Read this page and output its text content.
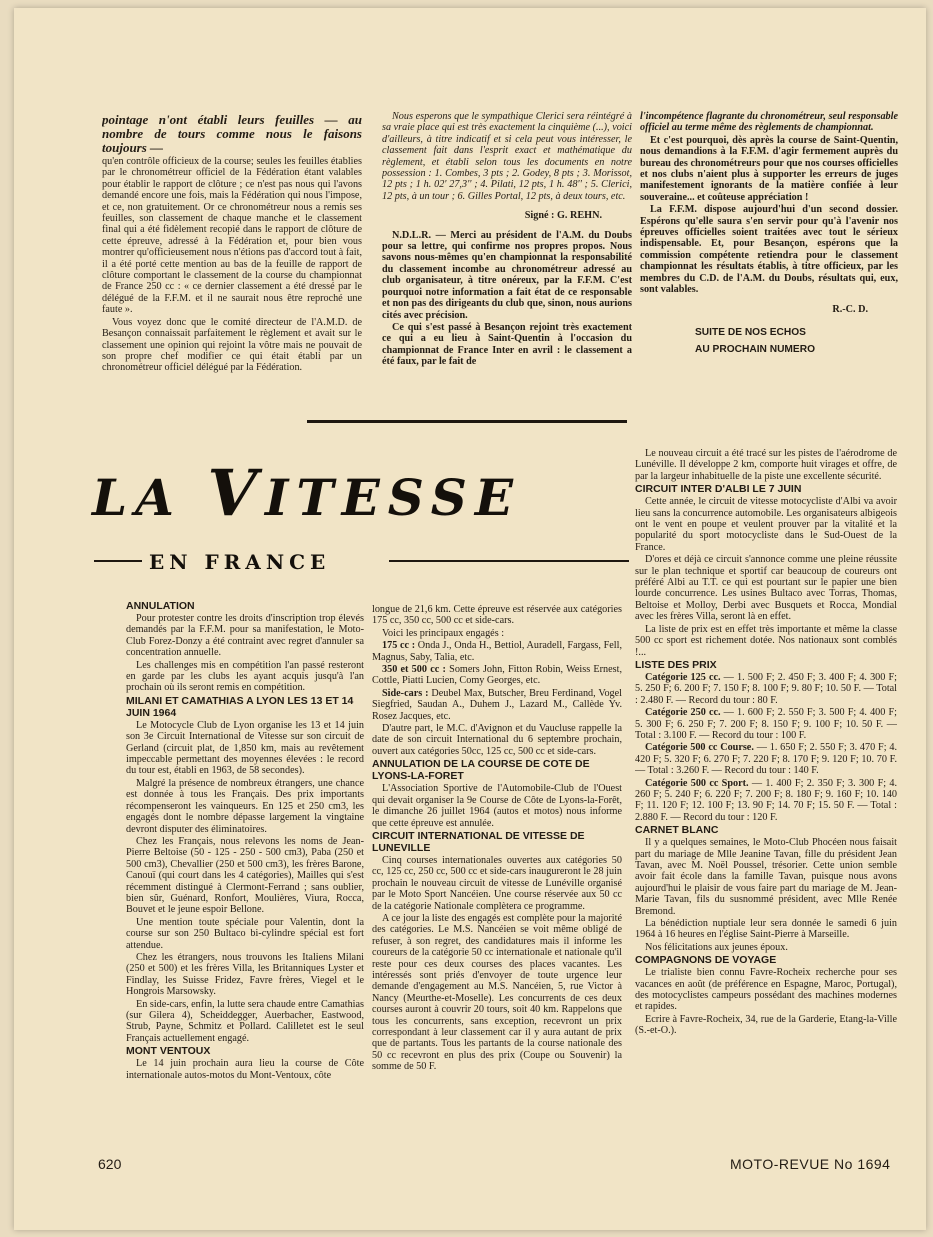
pointage n'ont établi leurs feuilles — au nombre de tours comme nous le faisons toujours —

qu'en contrôle officieux de la course; seules les feuilles établies par le chronométreur officiel de la Fédération étant valables pour établir le rapport de clôture ; ce n'est pas nous qui l'avons demandé encore une fois, mais la Fédération qui nous l'impose, et ce, non gratuitement. Or ce chronométreur nous a remis ses feuilles, son classement de chaque manche et le classement final qui a été fidèlement recopié dans le rapport de clôture de cette épreuve, adressé à la Fédération et, pour bien vous montrer qu'officieusement nous n'étions pas d'accord tout à fait, il a été porté cette mention au bas de la feuille de rapport de clôture comportant le classement de la course du championnat de France 250 cc : « ce dernier classement a été dressé par le délégué de la F.F.M. et il ne saurait nous être reproché une faute ».

Vous voyez donc que le comité directeur de l'A.M.D. de Besançon connaissait parfaitement le règlement et avait sur le classement une opinion qui rejoint la vôtre mais ne pouvait de son propre chef modifier ce qui était établi par un chronométreur officiel délégué par la Fédération.

Nous esperons que le sympathique Clerici sera réintégré à sa vraie place qui est très exactement la cinquième (...), voici d'ailleurs, à titre indicatif et si cela peut vous intéresser, le classement fait dans l'esprit exact et mathématique du règlement, et établi selon tous les documents en notre possession : 1. Combes, 3 pts ; 2. Godey, 8 pts ; 3. Morissot, 12 pts ; 1 h. 02' 27,3'' ; 4. Pilati, 12 pts, 1 h. 48'' ; 5. Clerici, 12 pts, à un tour ; 6. Gilles Portal, 12 pts, à deux tours, etc.

Signé : G. REHN.

N.D.L.R. — Merci au président de l'A.M. du Doubs pour sa lettre, qui confirme nos propres propos. Nous savons nous-mêmes qu'en championnat la responsabilité du classement incombe au chronométreur adressé au club organisateur, à titre onéreux, par la F.F.M. C'est pourquoi notre information a fait état de ce responsable et non pas des dirigeants du club que, sinon, nous aurions cités avec précision.

Ce qui s'est passé à Besançon rejoint très exactement ce qui a eu lieu à Saint-Quentin à l'occasion du championnat de France Inter en avril : le classement a été faux, par le fait de

l'incompétence flagrante du chronométreur, seul responsable officiel au terme même des règlements de championnat.

Et c'est pourquoi, dès après la course de Saint-Quentin, nous demandions à la F.F.M. d'agir fermement auprès du bureau des chronométreurs pour que nos courses officielles et nos clubs n'aient plus à supporter les erreurs de juges manifestement ignorants de la matière confiée à leur souveraine... et coûteuse appréciation !

La F.F.M. dispose aujourd'hui d'un second dossier. Espérons qu'elle saura s'en servir pour qu'à l'avenir nos épreuves officielles soient traitées avec tout le sérieux indispensable. Et, pour Besançon, espérons que la commission compétente retiendra pour le classement championnat les résultats établis, à titre officieux, par les membres du C.D. de l'A.M. du Doubs, résultats qui, eux, sont valables.

R.-C. D.

SUITE DE NOS ECHOS

AU PROCHAIN NUMERO

LA VITESSE
EN FRANCE

ANNULATION

Pour protester contre les droits d'inscription trop élevés demandés par la F.F.M. pour sa manifestation, le Moto-Club Forez-Donzy a été contraint avec regret d'annuler sa concentration annuelle.

Les challenges mis en compétition l'an passé resteront en garde par les clubs les ayant acquis jusqu'à l'an prochain où ils seront remis en compétition.

MILANI ET CAMATHIAS A LYON LES 13 ET 14 JUIN 1964

Le Motocycle Club de Lyon organise les 13 et 14 juin son 3e Circuit International de Vitesse sur son circuit de Gerland (circuit plat, de 1,850 km, mais au revêtement impeccable permettant des moyennes élevées : le record du tour est, établi en 1963, de 58 secondes).

Malgré la présence de nombreux étrangers, une chance est donnée à tous les Français. Des prix importants récompenseront les vainqueurs. En 125 et 250 cm3, les engagés dont le nombre dépasse largement la vingtaine devront disputer des éliminatoires.

Chez les Français, nous relevons les noms de Jean-Pierre Beltoise (50 - 125 - 250 - 500 cm3), Paba (250 et 500 cm3), Chevallier (250 et 500 cm3), les frères Barone, Canouï (qui court dans les 4 catégories), Mailles qui s'est récemment distingué à Clermont-Ferrand ; sans oublier, bien sûr, Guénard, Ronfort, Moulières, Viura, Rocca, Bouvet et le jeune espoir Bellone.

Une mention toute spéciale pour Valentin, dont la course sur son 250 Bultaco bi-cylindre spécial est fort attendue.

Chez les étrangers, nous trouvons les Italiens Milani (250 et 500) et les frères Villa, les Britanniques Lyster et Findlay, les Suisse Fridez, Favre frères, Viegel et le Hongrois Marsowsky.

En side-cars, enfin, la lutte sera chaude entre Camathias (sur Gilera 4), Scheiddegger, Auerbacher, Eastwood, Strub, Payne, Schmitz et Pollard. Calilletet est le seul Français actuellement engagé.

MONT VENTOUX

Le 14 juin prochain aura lieu la course de Côte internationale autos-motos du Mont-Ventoux, côte

longue de 21,6 km. Cette épreuve est réservée aux catégories 175 cc, 350 cc, 500 cc et side-cars.

Voici les principaux engagés :

175 cc : Onda J., Onda H., Bettiol, Auradell, Fargass, Fell, Magnus, Saby, Talia, etc.

350 et 500 cc : Somers John, Fitton Robin, Weiss Ernest, Cottle, Piatti Lucien, Comy Georges, etc.

Side-cars : Deubel Max, Butscher, Breu Ferdinand, Vogel Siegfried, Saudan A., Duhem J., Lazard M., Callède Yv. Rosez Jacques, etc.

D'autre part, le M.C. d'Avignon et du Vaucluse rappelle la date de son circuit International du 6 septembre prochain, ouvert aux catégories 50cc, 125 cc, 500 cc et side-cars.

ANNULATION DE LA COURSE DE COTE DE LYONS-LA-FORET

L'Association Sportive de l'Automobile-Club de l'Ouest qui devait organiser la 9e Course de Côte de Lyons-la-Forêt, le dimanche 26 juillet 1964 (autos et motos) nous informe que cette épreuve est annulée.

CIRCUIT INTERNATIONAL DE VITESSE DE LUNEVILLE

Cinq courses internationales ouvertes aux catégories 50 cc, 125 cc, 250 cc, 500 cc et side-cars inaugureront le 28 juin prochain le nouveau circuit de vitesse de Lunéville organisé par le Moto Sport Nancéien. Une course réservée aux 50 cc de la catégorie Nationale complètera ce programme.

A ce jour la liste des engagés est complète pour la majorité des catégories. Le M.S. Nancéien se voit même obligé de refuser, à son regret, des candidatures mais il informe les coureurs de la catégorie 50 cc internationale et nationale qu'il reste pour ces deux courses des places vacantes. Les intéressés sont priés d'envoyer de toute urgence leur demande d'engagement au M.S. Nancéien, 5, rue Victor à Nancy (Meurthe-et-Moselle). Les concurrents de ces deux courses auront à couvrir 20 tours, soit 40 km. Rappelons que tous les concurrents, sans exception, recevront un prix correspondant à leur classement car il y aura autant de prix que de partants. Tous les partants de la course nationale des 50 cc recevront en plus des prix (Coupe ou Souvenir) la somme de 50 F.

Le nouveau circuit a été tracé sur les pistes de l'aérodrome de Lunéville. Il développe 2 km, comporte huit virages et offre, de par la largeur inhabituelle de la piste une excellente sécurité.

CIRCUIT INTER D'ALBI LE 7 JUIN

Cette année, le circuit de vitesse motocycliste d'Albi va avoir lieu sans la concurrence automobile. Les organisateurs albigeois ont le vent en poupe et veulent prouver par la vitalité et la popularité du sport motocycliste dans le Sud-Ouest de la France.

D'ores et déjà ce circuit s'annonce comme une pleine réussite sur le plan technique et sportif car beaucoup de coureurs ont préféré Albi au T.T. ce qui est pourtant sur le papier une bien lourde concurrence. Les usines Bultaco avec Torras, Thomas, Beltoise et Molloy, Derbi avec Busquets et Rocca, Mondial avec les frères Villa, seront là en effet.

La liste de prix est en effet très importante et même la classe 500 cc sport est richement dotée. Nos nationaux sont comblés !...

LISTE DES PRIX

Catégorie 125 cc. — 1. 500 F; 2. 450 F; 3. 400 F; 4. 300 F; 5. 250 F; 6. 200 F; 7. 150 F; 8. 100 F; 9. 80 F; 10. 50 F. — Total : 2.480 F. — Record du tour : 80 F.

Catégorie 250 cc. — 1. 600 F; 2. 550 F; 3. 500 F; 4. 400 F; 5. 300 F; 6. 250 F; 7. 200 F; 8. 150 F; 9. 100 F; 10. 50 F. — Total : 3.100 F. — Record du tour : 100 F.

Catégorie 500 cc Course. — 1. 650 F; 2. 550 F; 3. 470 F; 4. 420 F; 5. 320 F; 6. 270 F; 7. 220 F; 8. 170 F; 9. 120 F; 10. 70 F. — Total : 3.260 F. — Record du tour : 140 F.

Catégorie 500 cc Sport. — 1. 400 F; 2. 350 F; 3. 300 F; 4. 260 F; 5. 240 F; 6. 220 F; 7. 200 F; 8. 180 F; 9. 160 F; 10. 140 F; 11. 120 F; 12. 100 F; 13. 90 F; 14. 70 F; 15. 50 F. — Total : 2.880 F. — Record du tour : 120 F.

CARNET BLANC

Il y a quelques semaines, le Moto-Club Phocéen nous faisait part du mariage de Mlle Jeanine Tavan, fille du président Jean Tavan, avec M. Noël Poussel, trésorier. Cette union semble avoir fait école dans la famille Tavan, puisque nous avons aujourd'hui le plaisir de vous faire part du mariage de M. Jean-Marie Tavan, fils du susnommé président, avec Mlle Renée Bremond.

La bénédiction nuptiale leur sera donnée le samedi 6 juin 1964 à 16 heures en l'église Saint-Pierre à Marseille.

Nos félicitations aux jeunes époux.

COMPAGNONS DE VOYAGE

Le trialiste bien connu Favre-Rocheix recherche pour ses vacances en août (de préférence en Espagne, Maroc, Portugal), des motocyclistes campeurs possédant des machines modernes et rapides.

Ecrire à Favre-Rocheix, 34, rue de la Garderie, Etang-la-Ville (S.-et-O.).

620	MOTO-REVUE No 1694
